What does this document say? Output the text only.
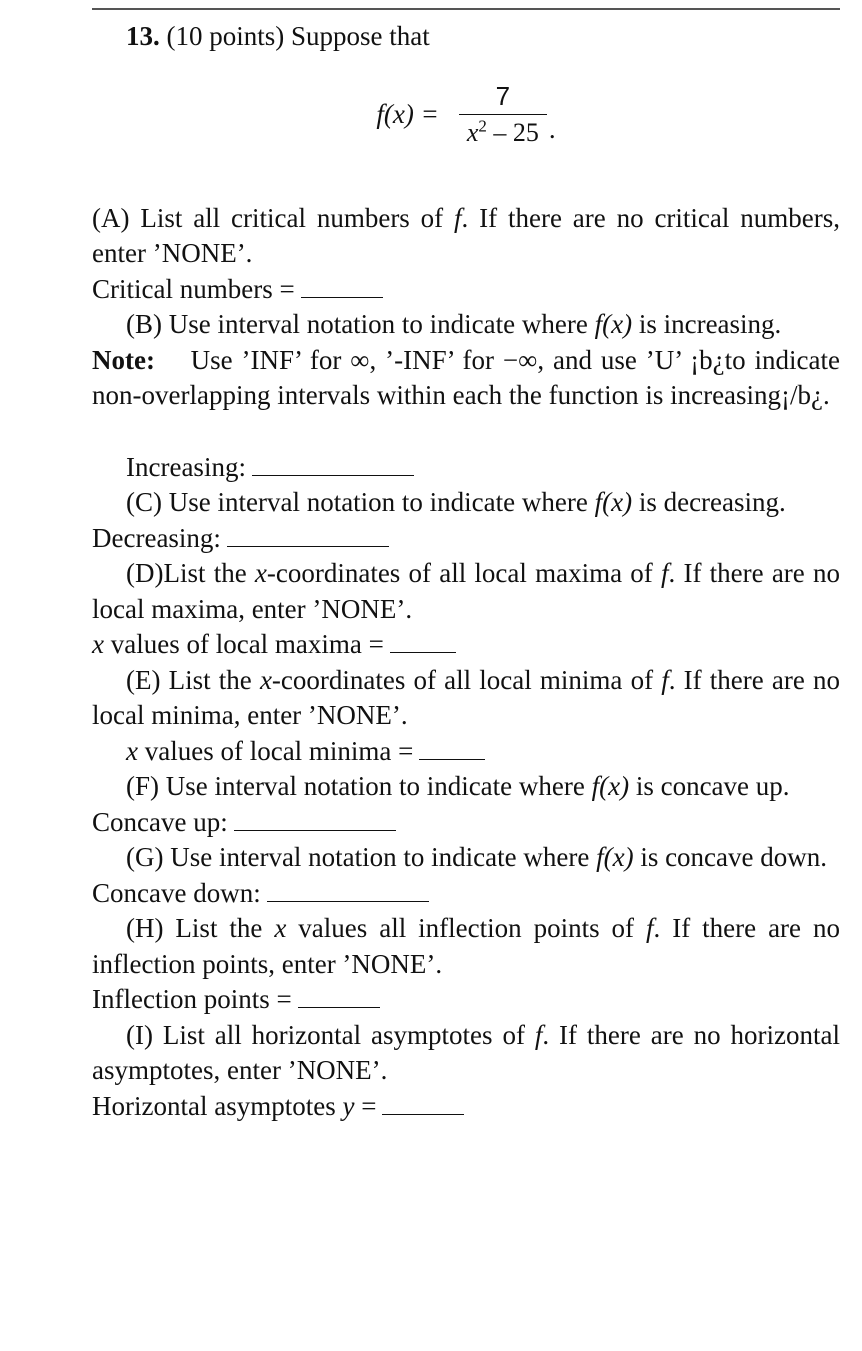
13. (10 points) Suppose that

$f(x) = \frac{7}{x^2 - 25}$ .

(A) List all critical numbers of f. If there are no critical numbers, enter ’NONE’.

Critical numbers =

(B) Use interval notation to indicate where f(x) is increasing.

Note: Use ’INF’ for ∞, ’-INF’ for −∞, and use ’U’ ¡b¿to indicate non-overlapping intervals within each the function is increasing¡/b¿.

Increasing:

(C) Use interval notation to indicate where f(x) is decreasing.

Decreasing:

(D)List the x-coordinates of all local maxima of f. If there are no local maxima, enter ’NONE’.

x values of local maxima =

(E) List the x-coordinates of all local minima of f. If there are no local minima, enter ’NONE’.

x values of local minima =

(F) Use interval notation to indicate where f(x) is concave up.

Concave up:

(G) Use interval notation to indicate where f(x) is concave down.

Concave down:

(H) List the x values all inflection points of f. If there are no inflection points, enter ’NONE’.

Inflection points =

(I) List all horizontal asymptotes of f. If there are no horizontal asymptotes, enter ’NONE’.

Horizontal asymptotes y =
